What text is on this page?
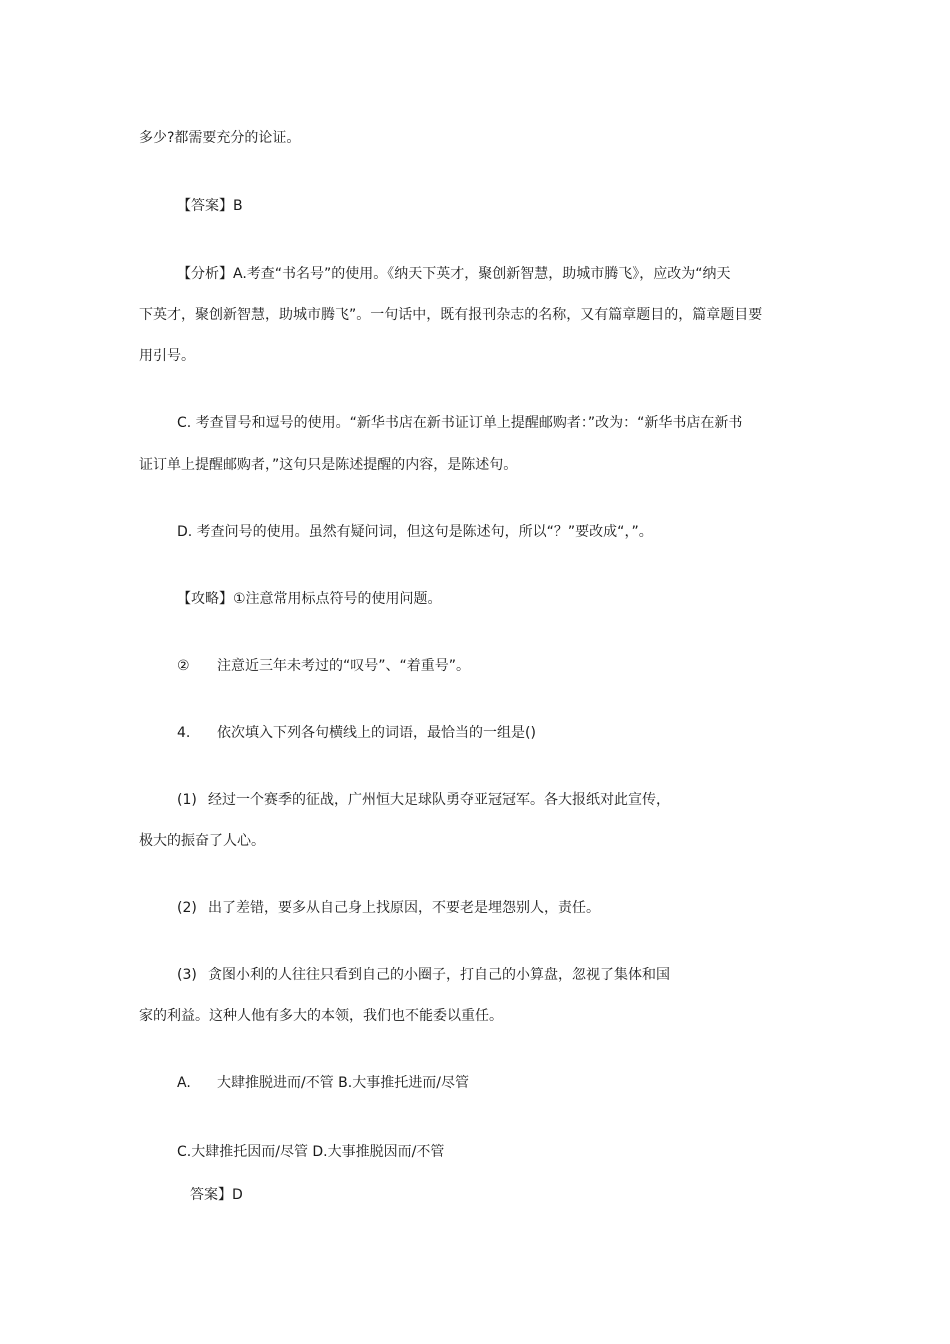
多少?都需要充分的论证。

【答案】B

【分析】A.考查“书名号”的使用。《纳天下英才，聚创新智慧，助城市腾飞》，应改为“纳天

下英才，聚创新智慧，助城市腾飞”。一句话中，既有报刊杂志的名称，又有篇章题目的，篇章题目要

用引号。

C. 考查冒号和逗号的使用。“新华书店在新书证订单上提醒邮购者：”改为：“新华书店在新书

证订单上提醒邮购者，”这句只是陈述提醒的内容，是陈述句。

D. 考查问号的使用。虽然有疑问词，但这句是陈述句，所以“？”要改成“，”。

【攻略】①注意常用标点符号的使用问题。

② 注意近三年未考过的“叹号”、“着重号”。

4. 依次填入下列各句横线上的词语，最恰当的一组是()

(1) 经过一个赛季的征战，广州恒大足球队勇夺亚冠冠军。各大报纸对此宣传，

极大的振奋了人心。

(2) 出了差错，要多从自己身上找原因，不要老是埋怨别人，责任。

(3) 贪图小利的人往往只看到自己的小圈子，打自己的小算盘，忽视了集体和国

家的利益。这种人他有多大的本领，我们也不能委以重任。

A. 大肆推脱进而/不管 B.大事推托进而/尽管

C.大肆推托因而/尽管 D.大事推脱因而/不管

答案】D
